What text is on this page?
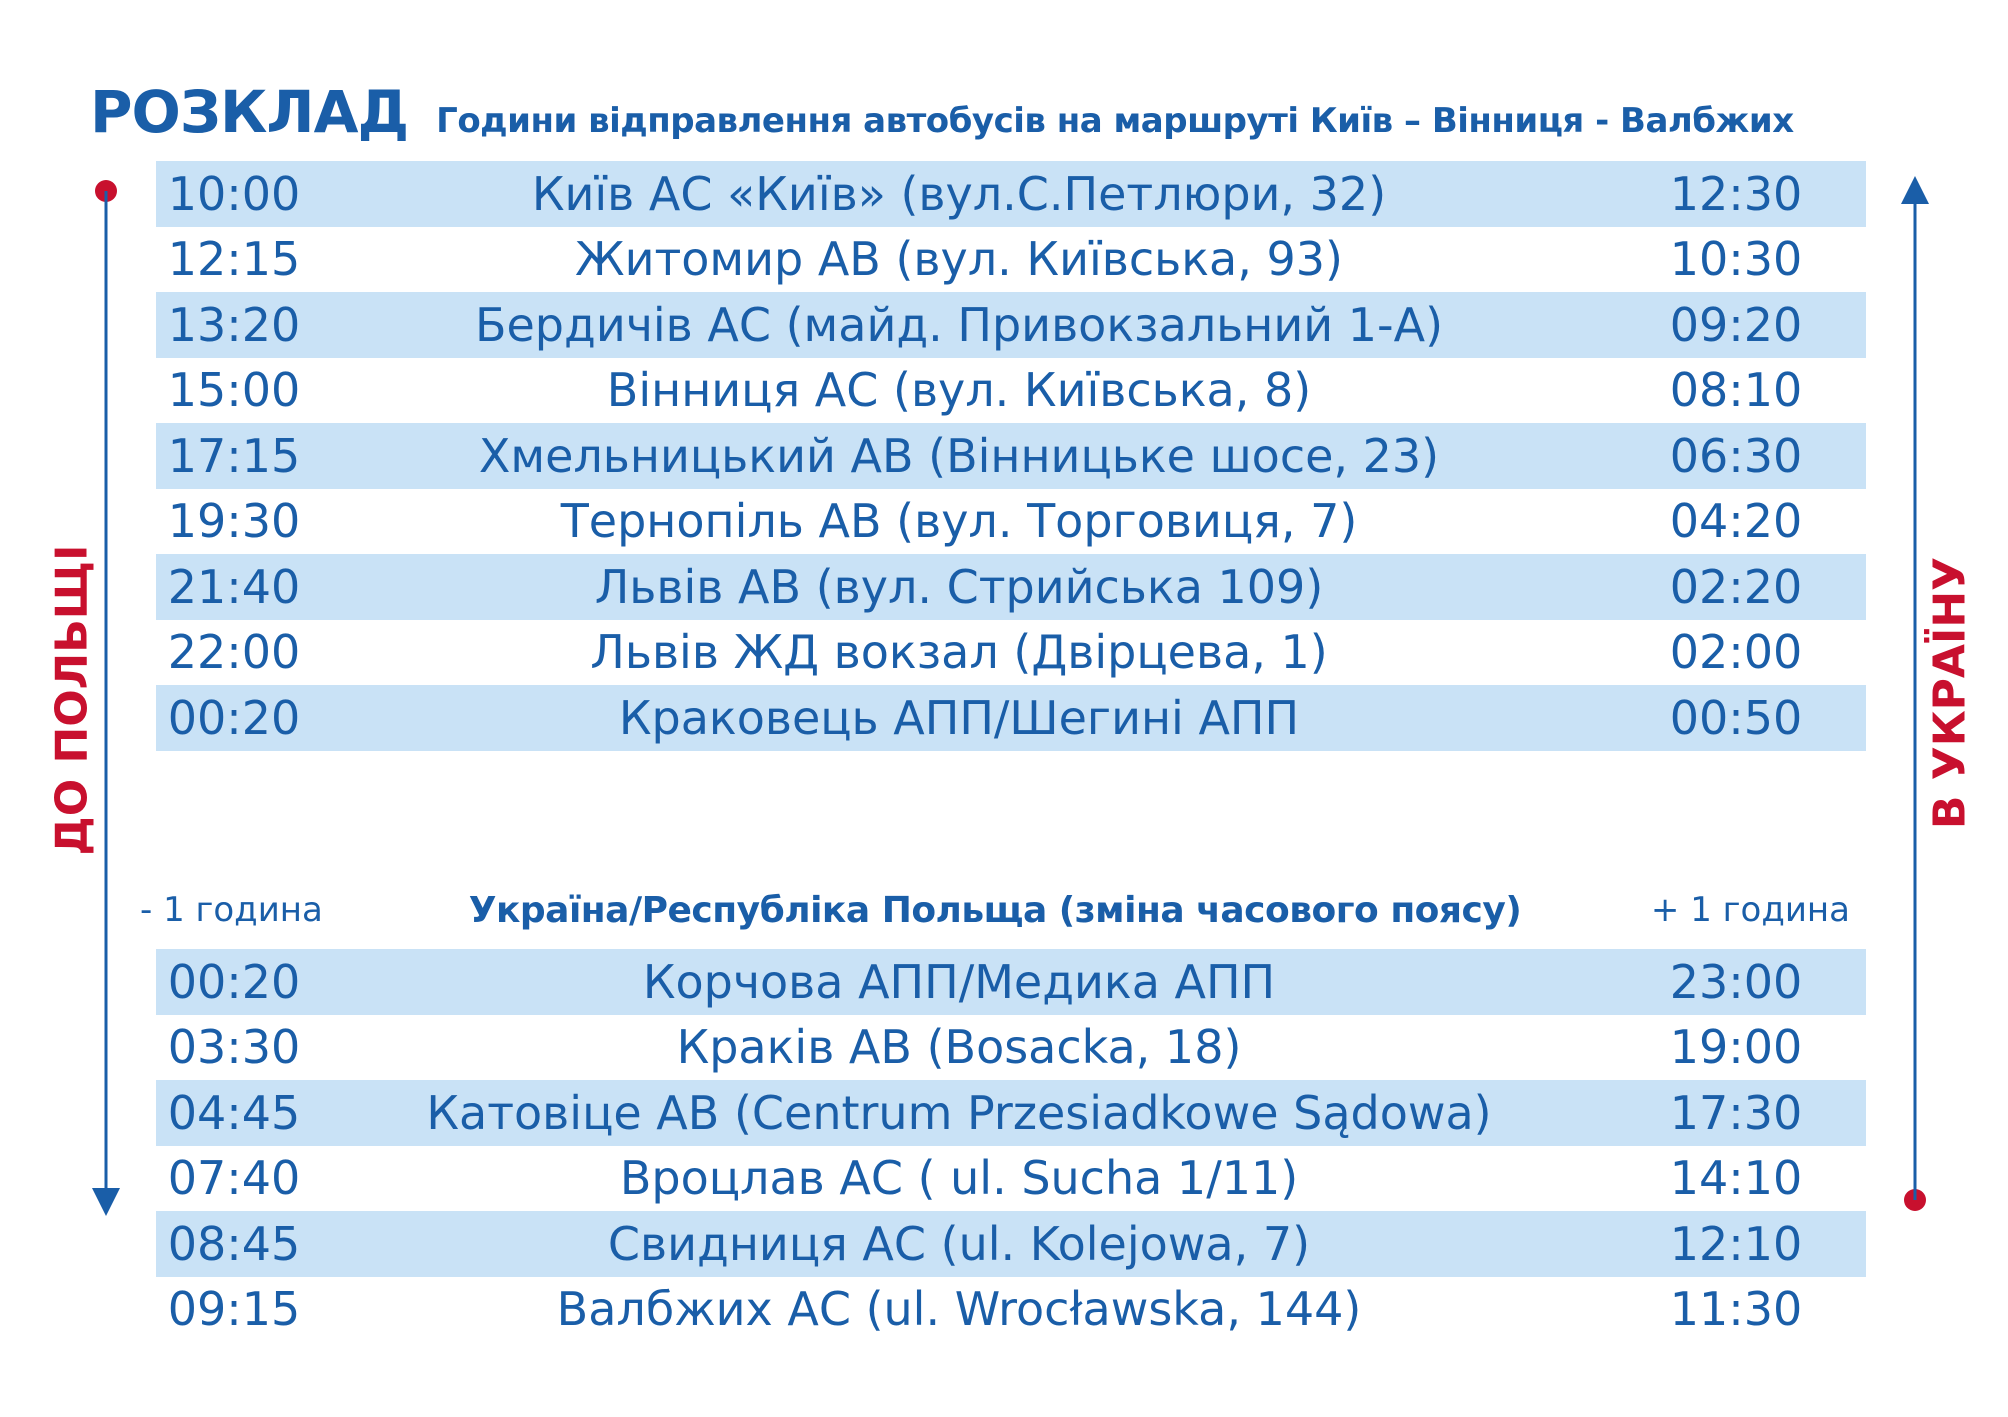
РОЗКЛАД Години відправлення автобусів на маршруті Київ – Вінниця - Валбжих
ДО ПОЛЬЩІ	В УКРАЇНУ
10:00	Київ АС «Київ» (вул.С.Петлюри, 32)	12:30
12:15	Житомир АВ (вул. Київська, 93)	10:30
13:20	Бердичів АС (майд. Привокзальний 1-А)	09:20
15:00	Вінниця АС (вул. Київська, 8)	08:10
17:15	Хмельницький АВ (Вінницьке шосе, 23)	06:30
19:30	Тернопіль АВ (вул. Торговиця, 7)	04:20
21:40	Львів АВ (вул. Стрийська 109)	02:20
22:00	Львів ЖД вокзал (Двірцева, 1)	02:00
00:20	Краковець АПП/Шегині АПП	00:50
- 1 година	Україна/Республіка Польща (зміна часового поясу)	+ 1 година
00:20	Корчова АПП/Медика АПП	23:00
03:30	Краків АВ (Bosacka, 18)	19:00
04:45	Катовіце АВ (Centrum Przesiadkowe Sądowa)	17:30
07:40	Вроцлав АС ( ul. Sucha 1/11)	14:10
08:45	Свидниця АС (ul. Kolejowa, 7)	12:10
09:15	Валбжих АС (ul. Wrocławska, 144)	11:30
